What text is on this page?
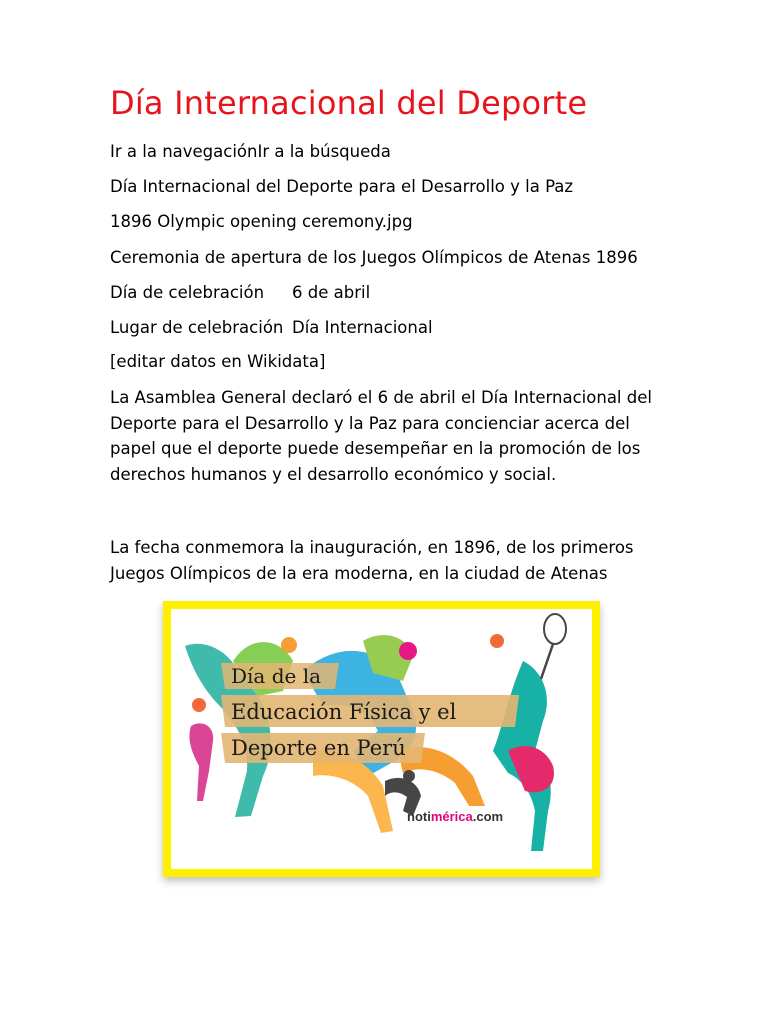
Día Internacional del Deporte

Ir a la navegaciónIr a la búsqueda

Día Internacional del Deporte para el Desarrollo y la Paz

1896 Olympic opening ceremony.jpg

Ceremonia de apertura de los Juegos Olímpicos de Atenas 1896

Día de celebración 6 de abril

Lugar de celebración Día Internacional

[editar datos en Wikidata]

La Asamblea General declaró el 6 de abril el Día Internacional del Deporte para el Desarrollo y la Paz para concienciar acerca del papel que el deporte puede desempeñar en la promoción de los derechos humanos y el desarrollo económico y social.

La fecha conmemora la inauguración, en 1896, de los primeros Juegos Olímpicos de la era moderna, en la ciudad de Atenas

Día de la
Educación Física y el
Deporte en Perú
notimérica.com
